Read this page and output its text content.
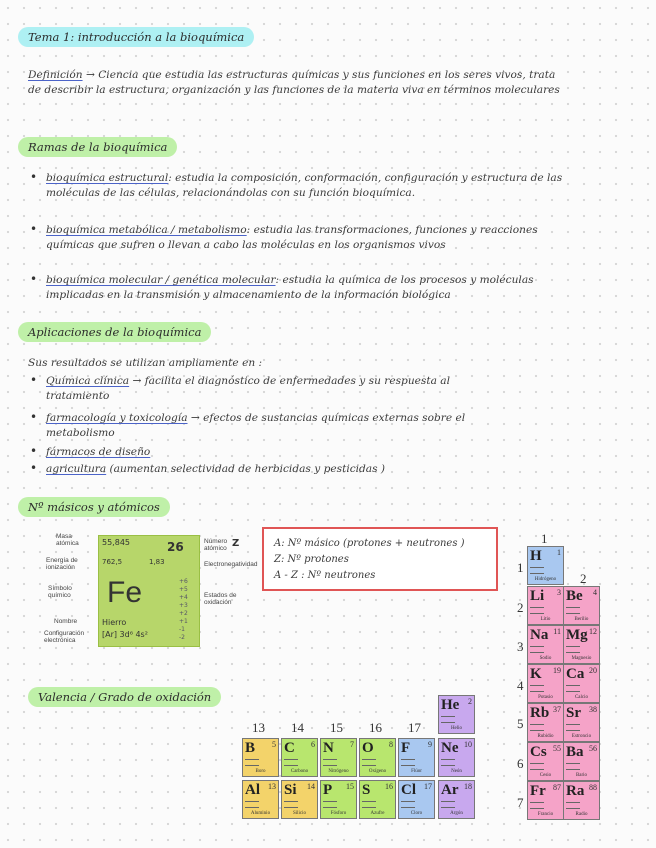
Tema 1: introducción a la bioquímica
Definición → Ciencia que estudia las estructuras químicas y sus funciones en los seres vivos, trata de describir la estructura, organización y las funciones de la materia viva en términos moleculares
Ramas de la bioquímica
• bioquímica estructural: estudia la composición, conformación, configuración y estructura de las moléculas de las células, relacionándolas con su función bioquímica.
• bioquímica metabólica / metabolismo: estudia las transformaciones, funciones y reacciones químicas que sufren o llevan a cabo las moléculas en los organismos vivos
• bioquímica molecular / genética molecular: estudia la química de los procesos y moléculas implicadas en la transmisión y almacenamiento de la información biológica
Aplicaciones de la bioquímica
Sus resultados se utilizan ampliamente en :
• Química clínica → facilita el diagnóstico de enfermedades y su respuesta al tratamiento
• farmacología y toxicología → efectos de sustancias químicas externas sobre el metabolismo
• fármacos de diseño
• agricultura (aumentan selectividad de herbicidas y pesticidas )
Nº másicos y atómicos
55,845	26
762,5	1,83
Fe
Hierro
[Ar] 3d⁶ 4s²
+6
+5
+4
+3
+2
+1
-1
-2
Masa atómica
Energía de ionización
Símbolo químico
Nombre
Configuración electrónica
Número atómico Z
Electronegatividad
Estados de oxidación
A: Nº másico (protones + neutrones )
Z: Nº protones
A - Z : Nº neutrones
Valencia / Grado de oxidación
13 14 15 16 17
He 2
Helio
B 5
Boro
C 6
Carbono
N 7
Nitrógeno
O 8
Oxígeno
F 9
Flúor
Ne 10
Neón
Al 13
Aluminio
Si 14
Silicio
P 15
Fósforo
S 16
Azufre
Cl 17
Cloro
Ar 18
Argón
1
2
1
2
3
4
5
6
7
H 1
Hidrógeno
Li 3
Litio
Be 4
Berilio
Na 11
Sodio
Mg 12
Magnesio
K 19
Potasio
Ca 20
Calcio
Rb 37
Rubidio
Sr 38
Estroncio
Cs 55
Cesio
Ba 56
Bario
Fr 87
Francio
Ra 88
Radio
